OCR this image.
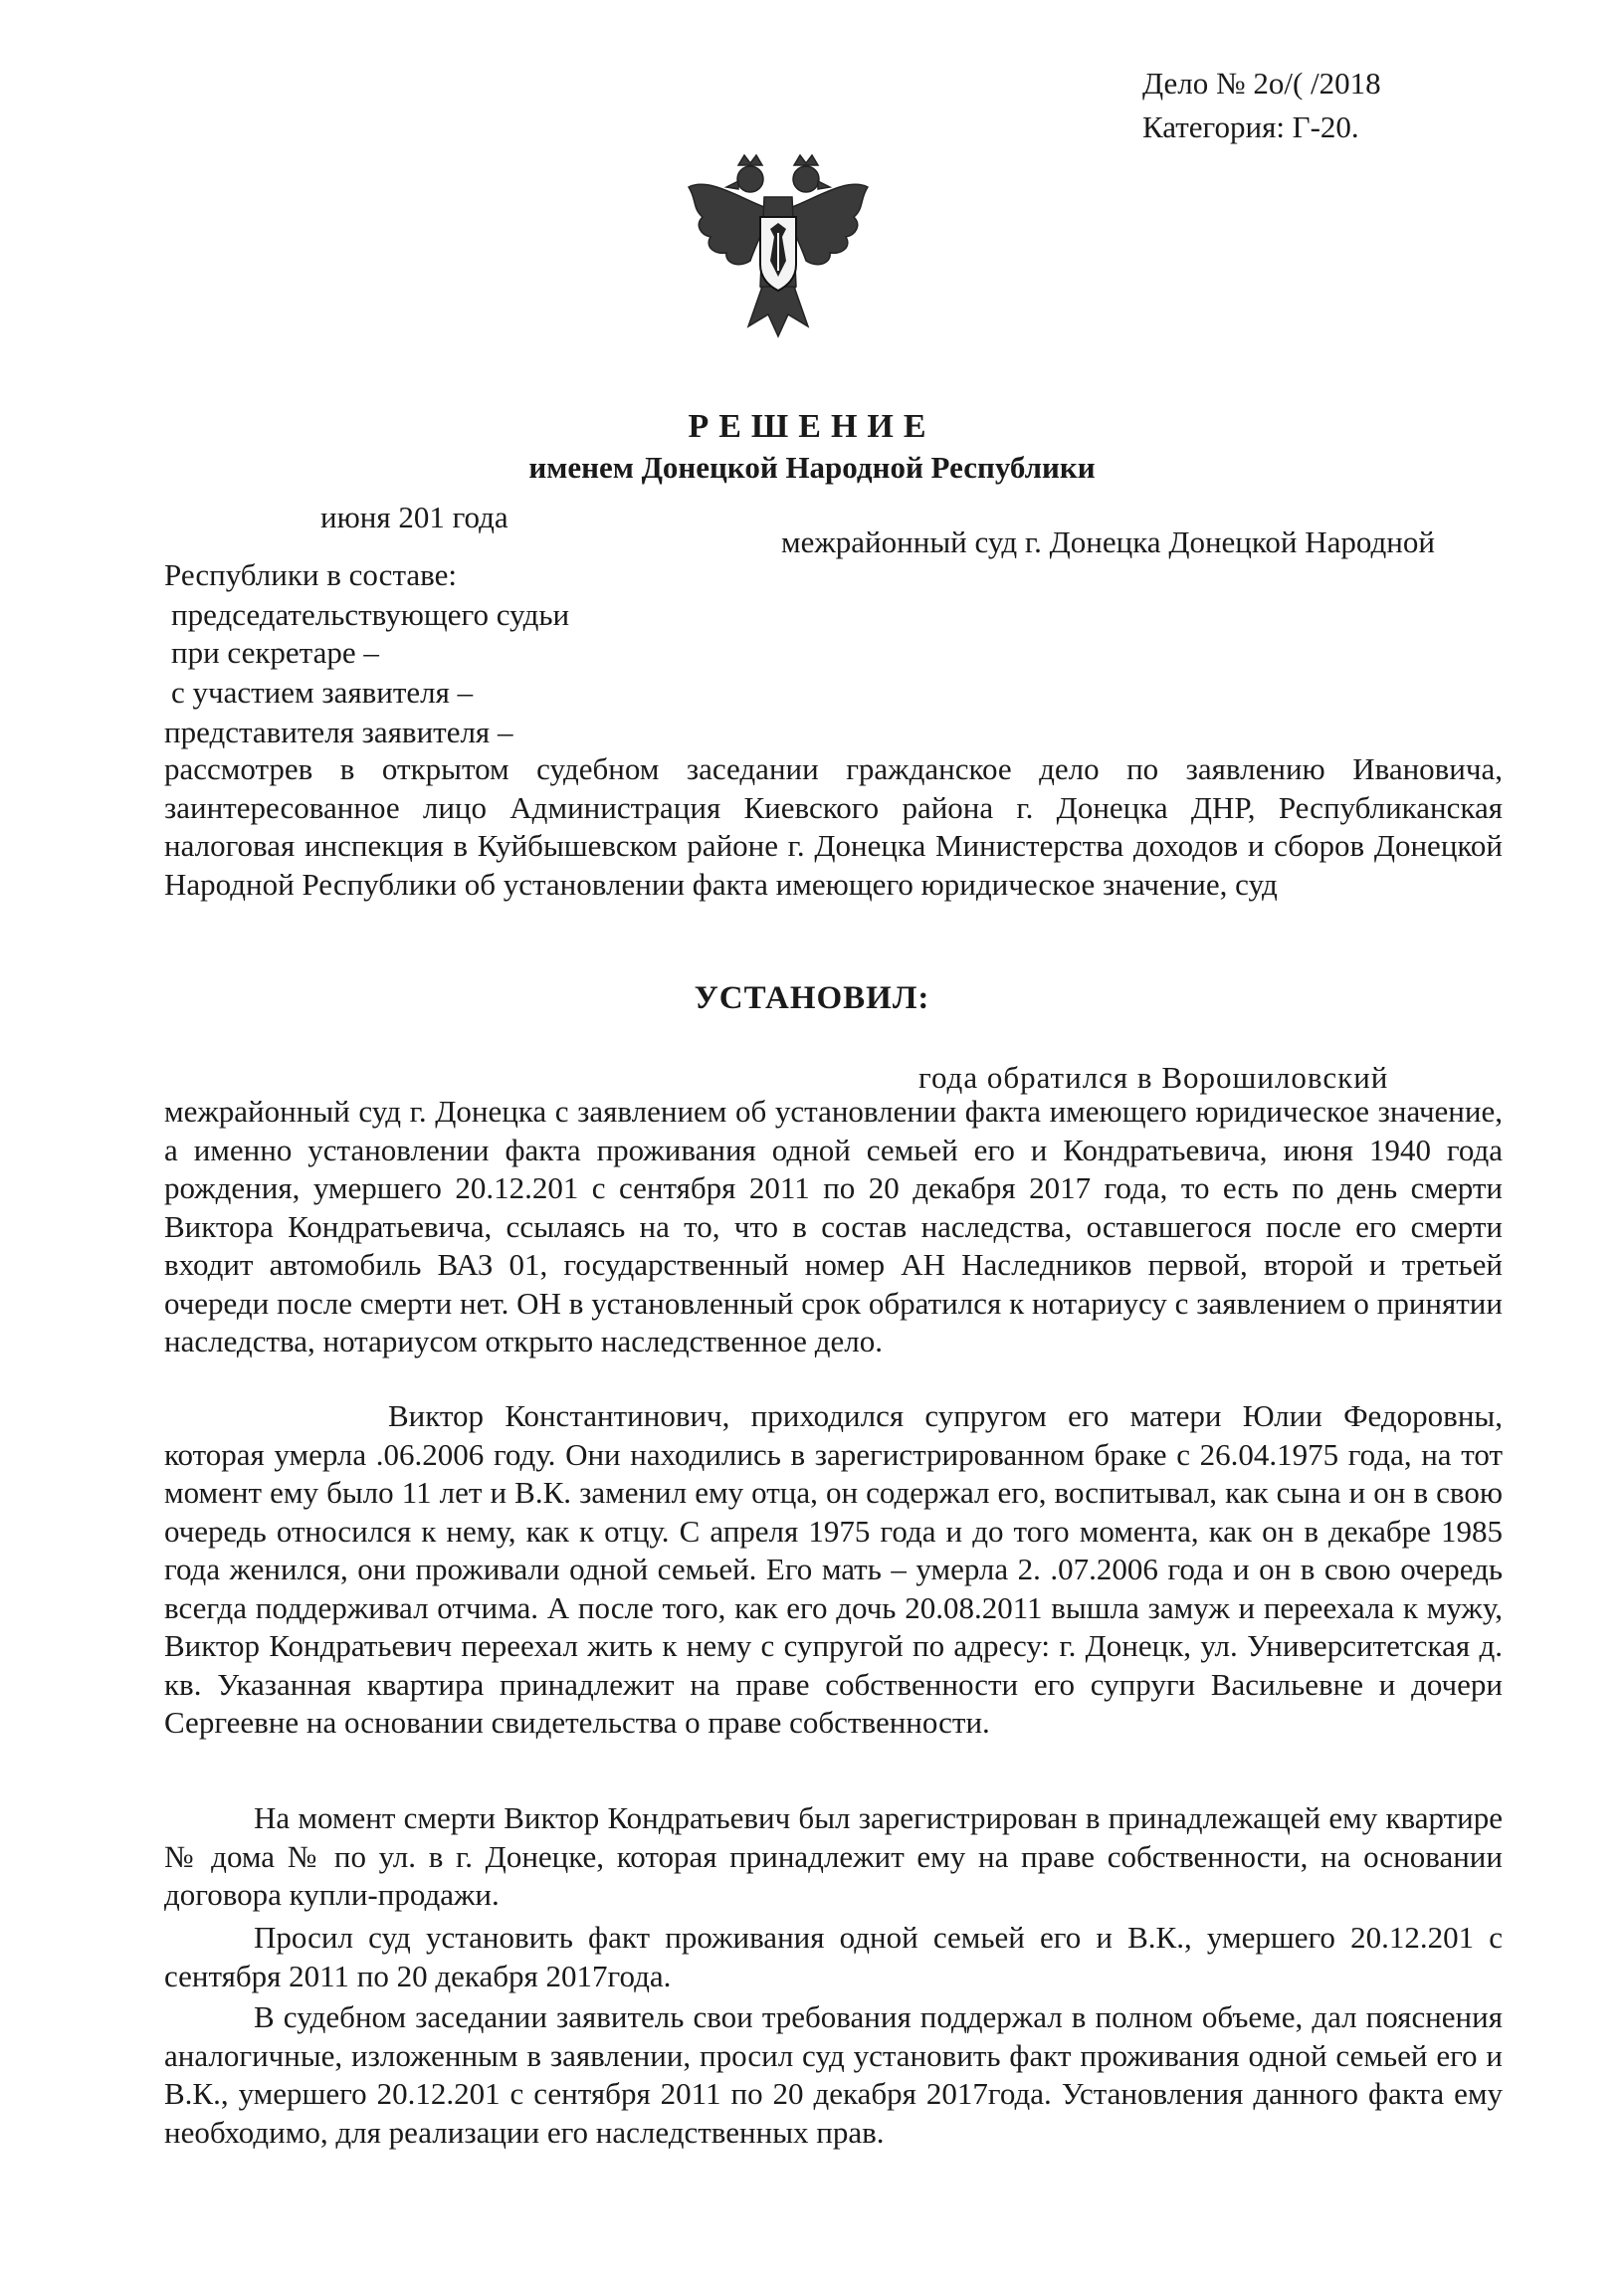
Дело № 2о/( /2018
Категория: Г-20.
РЕШЕНИЕ
именем Донецкой Народной Республики
июня 201 года
межрайонный суд г. Донецка Донецкой Народной
Республики в составе:
председательствующего судьи
при секретаре –
с участием заявителя –
представителя заявителя –
рассмотрев в открытом судебном заседании гражданское дело по заявлению Ивановича, заинтересованное лицо Администрация Киевского района г. Донецка ДНР, Республиканская налоговая инспекция в Куйбышевском районе г. Донецка Министерства доходов и сборов Донецкой Народной Республики об установлении факта имеющего юридическое значение, суд
УСТАНОВИЛ:
года обратился в Ворошиловский
межрайонный суд г. Донецка с заявлением об установлении факта имеющего юридическое значение, а именно установлении факта проживания одной семьей его и Кондратьевича, июня 1940 года рождения, умершего 20.12.201 с сентября 2011 по 20 декабря 2017 года, то есть по день смерти Виктора Кондратьевича, ссылаясь на то, что в состав наследства, оставшегося после его смерти входит автомобиль ВАЗ 01, государственный номер АН Наследников первой, второй и третьей очереди после смерти нет. ОН в установленный срок обратился к нотариусу с заявлением о принятии наследства, нотариусом открыто наследственное дело.
Виктор Константинович, приходился супругом его матери Юлии Федоровны, которая умерла .06.2006 году. Они находились в зарегистрированном браке с 26.04.1975 года, на тот момент ему было 11 лет и В.К. заменил ему отца, он содержал его, воспитывал, как сына и он в свою очередь относился к нему, как к отцу. С апреля 1975 года и до того момента, как он в декабре 1985 года женился, они проживали одной семьей. Его мать – умерла 2. .07.2006 года и он в свою очередь всегда поддерживал отчима. А после того, как его дочь 20.08.2011 вышла замуж и переехала к мужу, Виктор Кондратьевич переехал жить к нему с супругой по адресу: г. Донецк, ул. Университетская д. кв. Указанная квартира принадлежит на праве собственности его супруги Васильевне и дочери Сергеевне на основании свидетельства о праве собственности.
На момент смерти Виктор Кондратьевич был зарегистрирован в принадлежащей ему квартире № дома № по ул. в г. Донецке, которая принадлежит ему на праве собственности, на основании договора купли-продажи.
Просил суд установить факт проживания одной семьей его и В.К., умершего 20.12.201 с сентября 2011 по 20 декабря 2017года.
В судебном заседании заявитель свои требования поддержал в полном объеме, дал пояснения аналогичные, изложенным в заявлении, просил суд установить факт проживания одной семьей его и В.К., умершего 20.12.201 с сентября 2011 по 20 декабря 2017года. Установления данного факта ему необходимо, для реализации его наследственных прав.
